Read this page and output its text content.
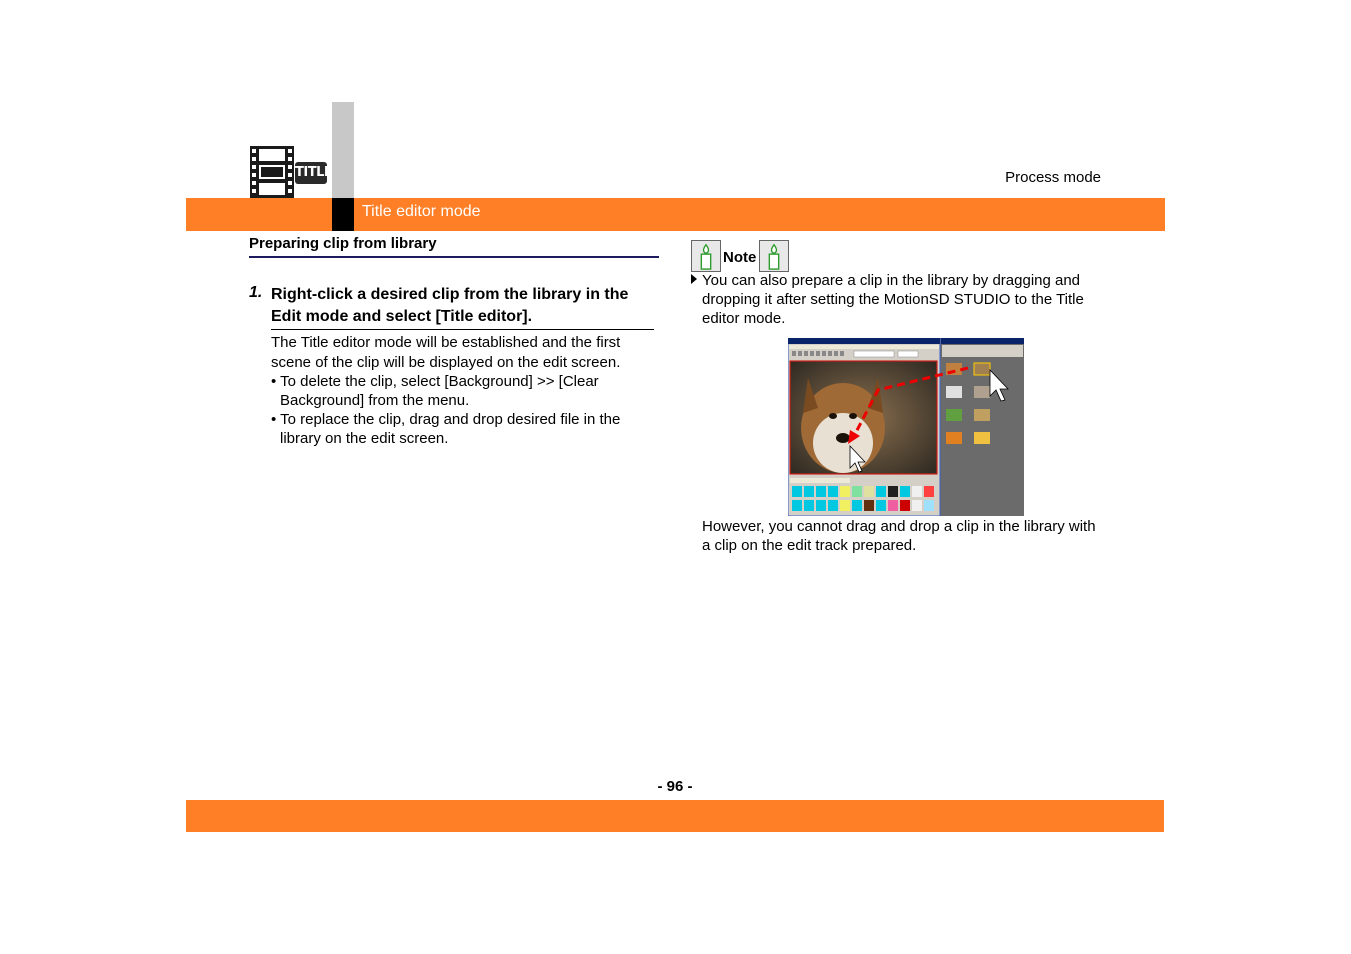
Title editor mode
Process mode
TITLE
Preparing clip from library
1. Right-click a desired clip from the library in the Edit mode and select [Title editor].
The Title editor mode will be established and the first scene of the clip will be displayed on the edit screen.
• To delete the clip, select [Background] >> [Clear Background] from the menu.
• To replace the clip, drag and drop desired file in the library on the edit screen.
Note
You can also prepare a clip in the library by dragging and dropping it after setting the MotionSD STUDIO to the Title editor mode.
However, you cannot drag and drop a clip in the library with a clip on the edit track prepared.
- 96 -
